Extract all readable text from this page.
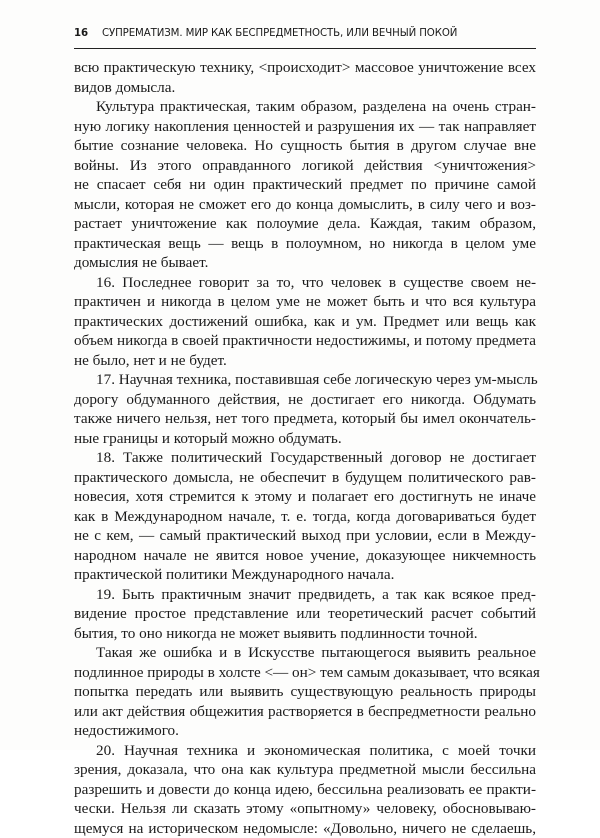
16 СУПРЕМАТИЗМ. МИР КАК БЕСПРЕДМЕТНОСТЬ, ИЛИ ВЕЧНЫЙ ПОКОЙ
всю практическую технику, <происходит> массовое уничтожение всех
видов домысла.
Культура практическая, таким образом, разделена на очень стран-
ную логику накопления ценностей и разрушения их — так направляет
бытие сознание человека. Но сущность бытия в другом случае вне
войны. Из этого оправданного логикой действия <уничтожения>
не спасает себя ни один практический предмет по причине самой
мысли, которая не сможет его до конца домыслить, в силу чего и воз-
растает уничтожение как полоумие дела. Каждая, таким образом,
практическая вещь — вещь в полоумном, но никогда в целом уме
домыслия не бывает.
16. Последнее говорит за то, что человек в существе своем не-
практичен и никогда в целом уме не может быть и что вся культура
практических достижений ошибка, как и ум. Предмет или вещь как
объем никогда в своей практичности недостижимы, и потому предмета
не было, нет и не будет.
17. Научная техника, поставившая себе логическую через ум-мысль
дорогу обдуманного действия, не достигает его никогда. Обдумать
также ничего нельзя, нет того предмета, который бы имел окончатель-
ные границы и который можно обдумать.
18. Также политический Государственный договор не достигает
практического домысла, не обеспечит в будущем политического рав-
новесия, хотя стремится к этому и полагает его достигнуть не иначе
как в Международном начале, т. е. тогда, когда договариваться будет
не с кем, — самый практический выход при условии, если в Между-
народном начале не явится новое учение, доказующее никчемность
практической политики Международного начала.
19. Быть практичным значит предвидеть, а так как всякое пред-
видение простое представление или теоретический расчет событий
бытия, то оно никогда не может выявить подлинности точной.
Такая же ошибка и в Искусстве пытающегося выявить реальное
подлинное природы в холсте <— он> тем самым доказывает, что всякая
попытка передать или выявить существующую реальность природы
или акт действия общежития растворяется в беспредметности реально
недостижимого.
20. Научная техника и экономическая политика, с моей точки
зрения, доказала, что она как культура предметной мысли бессильна
разрешить и довести до конца идею, бессильна реализовать ее практи-
чески. Нельзя ли сказать этому «опытному» человеку, обосновываю-
щемуся на историческом недомысле: «Довольно, ничего не сделаешь,
